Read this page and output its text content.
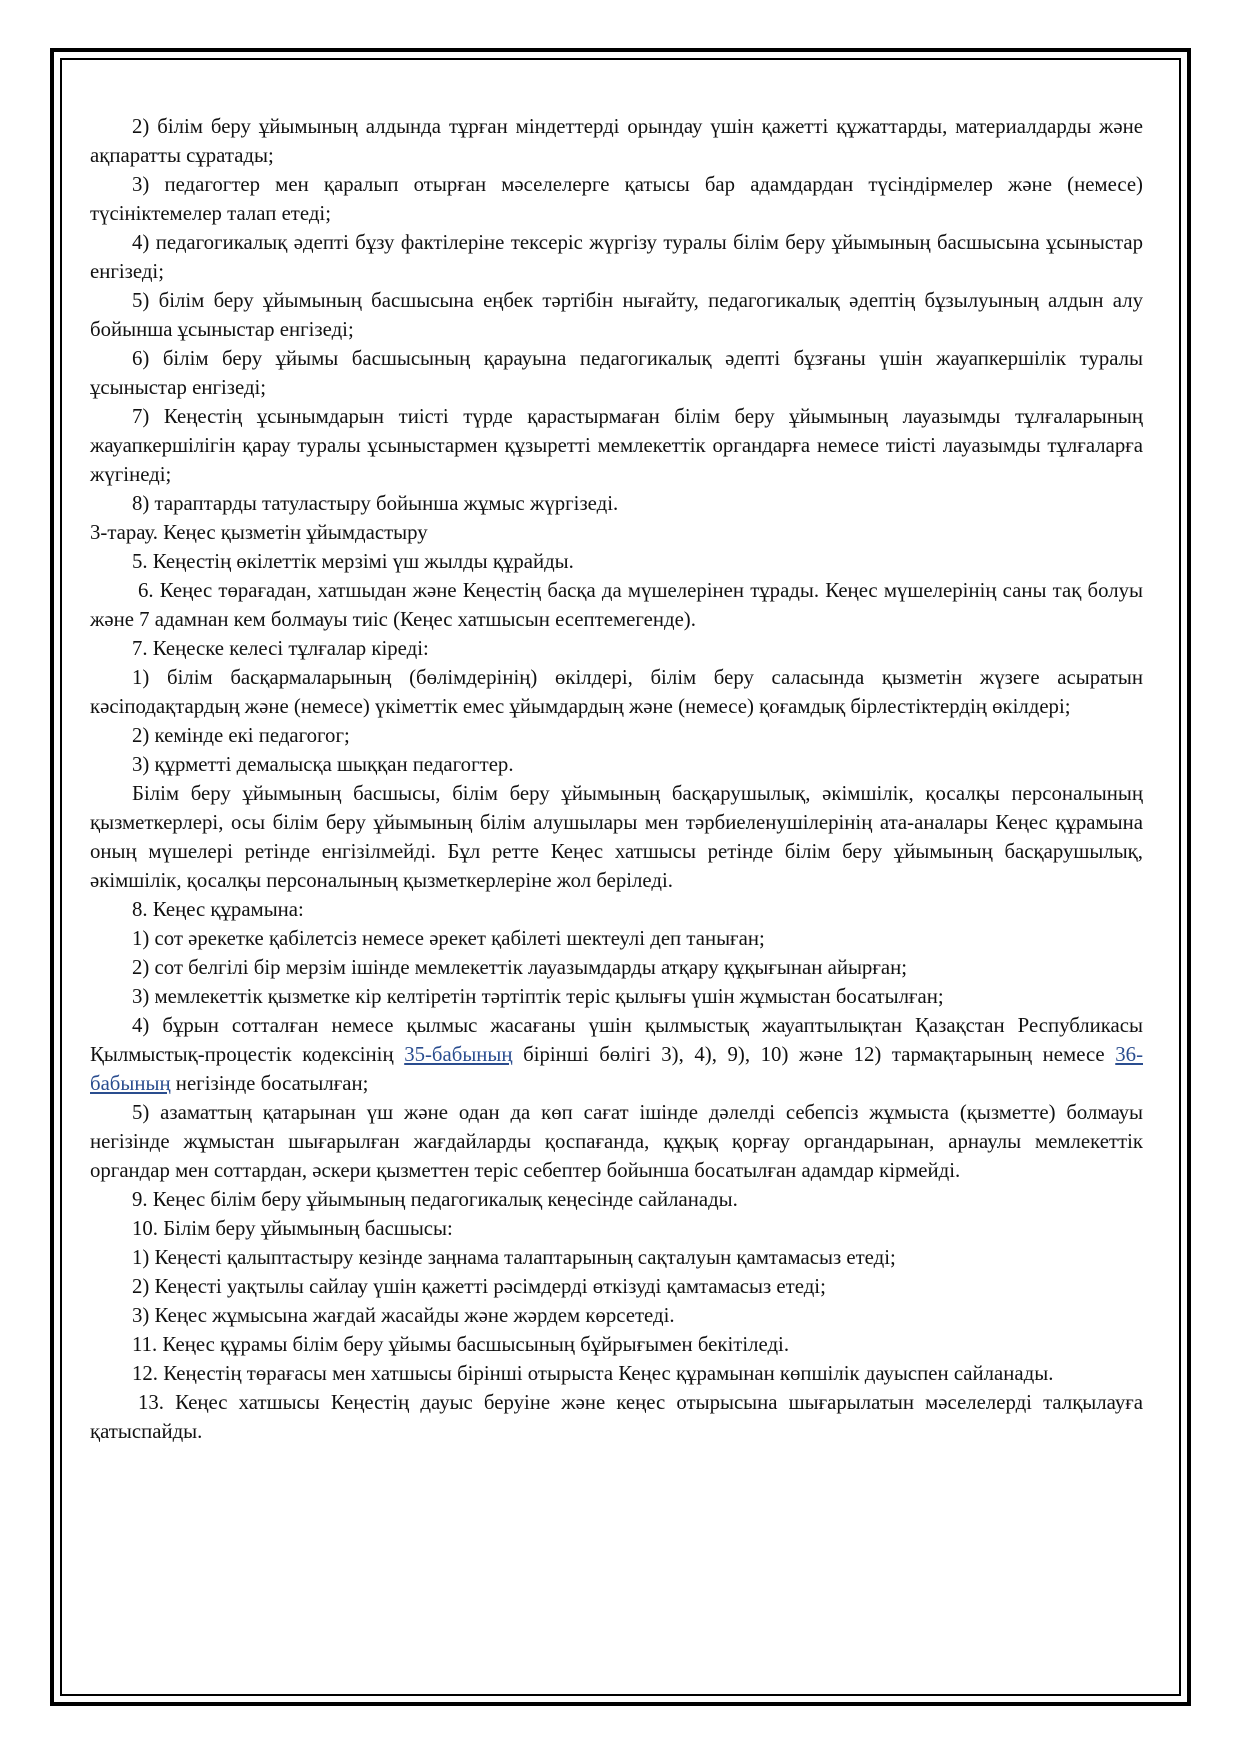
2) білім беру ұйымының алдында тұрған міндеттерді орындау үшін қажетті құжаттарды, материалдарды және ақпаратты сұратады;

3) педагогтер мен қаралып отырған мәселелерге қатысы бар адамдардан түсіндірмелер және (немесе) түсініктемелер талап етеді;

4) педагогикалық әдепті бұзу фактілеріне тексеріс жүргізу туралы білім беру ұйымының басшысына ұсыныстар енгізеді;

5) білім беру ұйымының басшысына еңбек тәртібін нығайту, педагогикалық әдептің бұзылуының алдын алу бойынша ұсыныстар енгізеді;

6) білім беру ұйымы басшысының қарауына педагогикалық әдепті бұзғаны үшін жауапкершілік туралы ұсыныстар енгізеді;

7) Кеңестің ұсынымдарын тиісті түрде қарастырмаған білім беру ұйымының лауазымды тұлғаларының жауапкершілігін қарау туралы ұсыныстармен құзыретті мемлекеттік органдарға немесе тиісті лауазымды тұлғаларға жүгінеді;

8) тараптарды татуластыру бойынша жұмыс жүргізеді.

3-тарау. Кеңес қызметін ұйымдастыру

5. Кеңестің өкілеттік мерзімі үш жылды құрайды.

6. Кеңес төрағадан, хатшыдан және Кеңестің басқа да мүшелерінен тұрады. Кеңес мүшелерінің саны тақ болуы және 7 адамнан кем болмауы тиіс (Кеңес хатшысын есептемегенде).

7. Кеңеске келесі тұлғалар кіреді:

1) білім басқармаларының (бөлімдерінің) өкілдері, білім беру саласында қызметін жүзеге асыратын кәсіподақтардың және (немесе) үкіметтік емес ұйымдардың және (немесе) қоғамдық бірлестіктердің өкілдері;

2) кемінде екі педагогог;

3) құрметті демалысқа шыққан педагогтер.

Білім беру ұйымының басшысы, білім беру ұйымының басқарушылық, әкімшілік, қосалқы персоналының қызметкерлері, осы білім беру ұйымының білім алушылары мен тәрбиеленушілерінің ата-аналары Кеңес құрамына оның мүшелері ретінде енгізілмейді. Бұл ретте Кеңес хатшысы ретінде білім беру ұйымының басқарушылық, әкімшілік, қосалқы персоналының қызметкерлеріне жол беріледі.

8. Кеңес құрамына:

1) сот әрекетке қабілетсіз немесе әрекет қабілеті шектеулі деп таныған;

2) сот белгілі бір мерзім ішінде мемлекеттік лауазымдарды атқару құқығынан айырған;

3) мемлекеттік қызметке кір келтіретін тәртіптік теріс қылығы үшін жұмыстан босатылған;

4) бұрын сотталған немесе қылмыс жасағаны үшін қылмыстық жауаптылықтан Қазақстан Республикасы Қылмыстық-процестік кодексінің 35-бабының бірінші бөлігі 3), 4), 9), 10) және 12) тармақтарының немесе 36-бабының негізінде босатылған;

5) азаматтың қатарынан үш және одан да көп сағат ішінде дәлелді себепсіз жұмыста (қызметте) болмауы негізінде жұмыстан шығарылған жағдайларды қоспағанда, құқық қорғау органдарынан, арнаулы мемлекеттік органдар мен соттардан, әскери қызметтен теріс себептер бойынша босатылған адамдар кірмейді.

9. Кеңес білім беру ұйымының педагогикалық кеңесінде сайланады.

10. Білім беру ұйымының басшысы:

1) Кеңесті қалыптастыру кезінде заңнама талаптарының сақталуын қамтамасыз етеді;

2) Кеңесті уақтылы сайлау үшін қажетті рәсімдерді өткізуді қамтамасыз етеді;

3) Кеңес жұмысына жағдай жасайды және жәрдем көрсетеді.

11. Кеңес құрамы білім беру ұйымы басшысының бұйрығымен бекітіледі.

12. Кеңестің төрағасы мен хатшысы бірінші отырыста Кеңес құрамынан көпшілік дауыспен сайланады.

13. Кеңес хатшысы Кеңестің дауыс беруіне және кеңес отырысына шығарылатын мәселелерді талқылауға қатыспайды.
